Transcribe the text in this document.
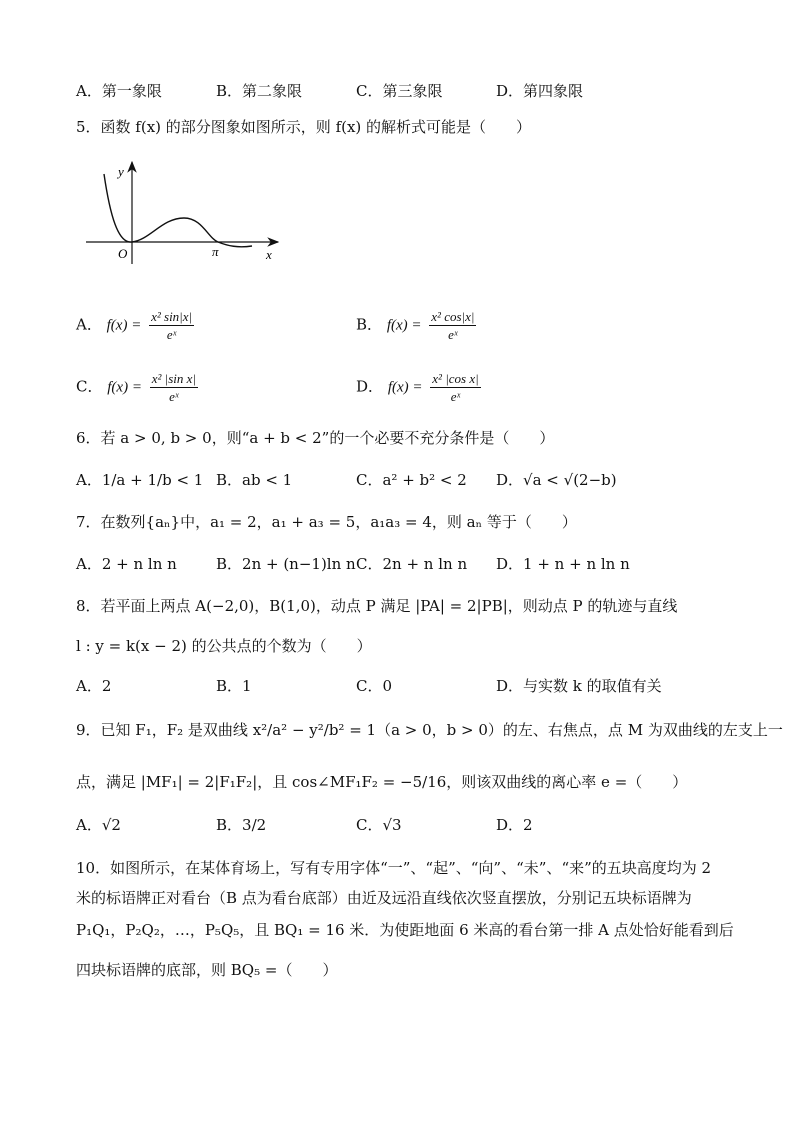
A．第一象限	B．第二象限	C．第三象限	D．第四象限
5．函数 f(x) 的部分图象如图所示，则 f(x) 的解析式可能是（　　）
y
O	π	x
A． $f(x) = \frac{\text{x² sin|x|}}{\text{eˣ}}$	B． $f(x) = \frac{\text{x² cos|x|}}{\text{eˣ}}$
C． $f(x) = \frac{\text{x² |sin x|}}{\text{eˣ}}$	D． $f(x) = \frac{\text{x² |cos x|}}{\text{eˣ}}$
6．若 a > 0, b > 0，则“a + b < 2”的一个必要不充分条件是（　　）
A．1/a + 1/b < 1 B．ab < 1	C．a² + b² < 2 D．√a < √(2−b)
7．在数列{aₙ}中，a₁ = 2，a₁ + a₃ = 5，a₁a₃ = 4，则 aₙ 等于（　　）
A．2 + n ln n	B．2n + (n−1)ln n C．2n + n ln n D．1 + n + n ln n
8．若平面上两点 A(−2,0)，B(1,0)，动点 P 满足 |PA| = 2|PB|，则动点 P 的轨迹与直线
l : y = k(x − 2) 的公共点的个数为（　　）
A．2	B．1	C．0	D．与实数 k 的取值有关
9．已知 F₁，F₂ 是双曲线 x²/a² − y²/b² = 1（a > 0，b > 0）的左、右焦点，点 M 为双曲线的左支上一
点，满足 |MF₁| = 2|F₁F₂|，且 cos∠MF₁F₂ = −5/16，则该双曲线的离心率 e =（　　）
A．√2	B．3/2	C．√3	D．2
10．如图所示，在某体育场上，写有专用字体“一”、“起”、“向”、“未”、“来”的五块高度均为 2
米的标语牌正对看台（B 点为看台底部）由近及远沿直线依次竖直摆放，分别记五块标语牌为
P₁Q₁，P₂Q₂，…，P₅Q₅，且 BQ₁ = 16 米．为使距地面 6 米高的看台第一排 A 点处恰好能看到后
四块标语牌的底部，则 BQ₅ =（　　）
